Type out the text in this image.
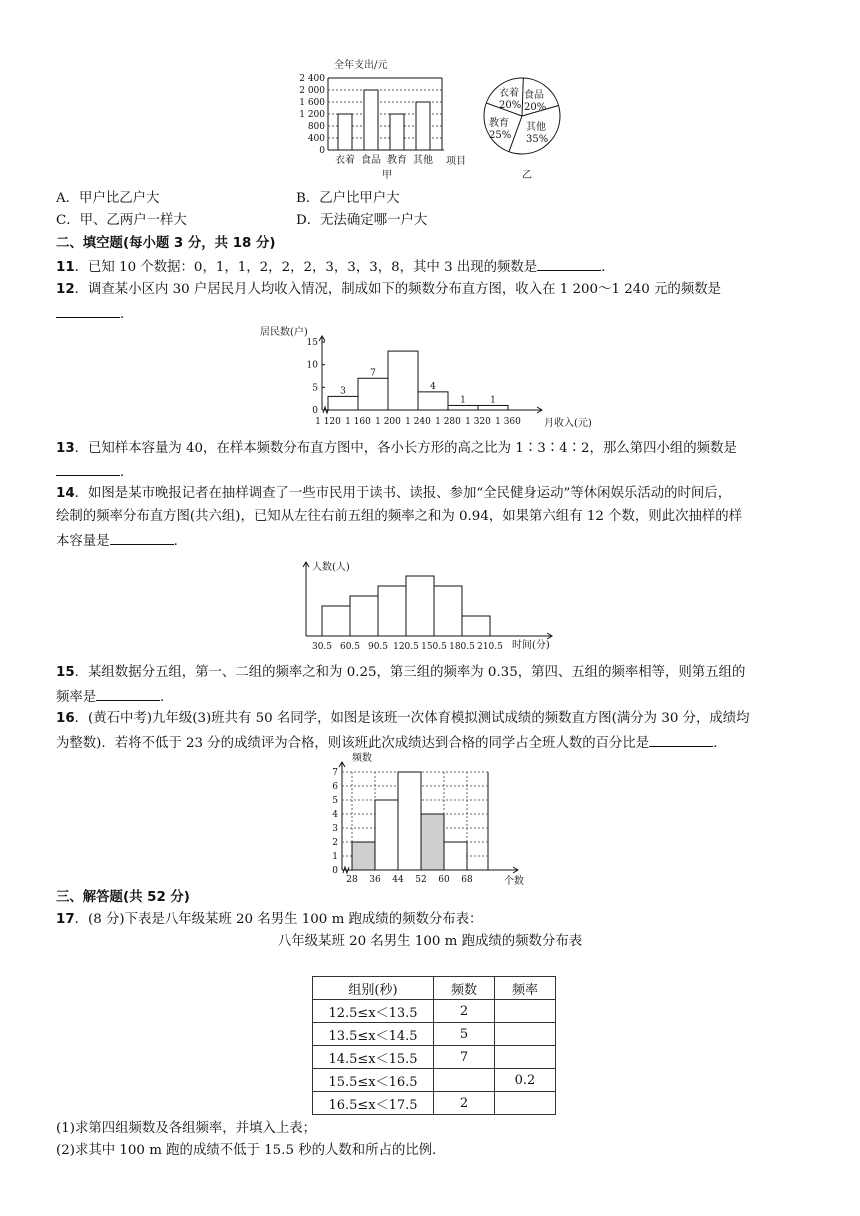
全年支出/元
2 400
2 000
1 600
1 200
800
400
0
衣着 食品 教育 其他 项目
甲
衣着
20%
食品
20%
教育
25%
其他
35%
乙
A．甲户比乙户大	B．乙户比甲户大
C．甲、乙两户一样大	D．无法确定哪一户大
二、填空题(每小题 3 分，共 18 分)
11．已知 10 个数据：0，1，1，2，2，2，3，3，3，8，其中 3 出现的频数是	．
12．调查某小区内 30 户居民月人均收入情况，制成如下的频数分布直方图，收入在 1 200～1 240 元的频数是
．
居民数(户)
15
10
5
0
1 120 1 160 1 200 1 240 1 280 1 320 1 360
3
7
4
1	1
月收入(元)
13．已知样本容量为 40，在样本频数分布直方图中，各小长方形的高之比为 1∶3∶4∶2，那么第四小组的频数是
．
14．如图是某市晚报记者在抽样调查了一些市民用于读书、读报、参加“全民健身运动”等休闲娱乐活动的时间后，
绘制的频率分布直方图(共六组)，已知从左往右前五组的频率之和为 0.94，如果第六组有 12 个数，则此次抽样的样
本容量是	．
人数(人)
30.5 60.5 90.5 120.5 150.5 180.5 210.5 时间(分)
15．某组数据分五组，第一、二组的频率之和为 0.25，第三组的频率为 0.35，第四、五组的频率相等，则第五组的
频率是	．
16．(黄石中考)九年级(3)班共有 50 名同学，如图是该班一次体育模拟测试成绩的频数直方图(满分为 30 分，成绩均
为整数)．若将不低于 23 分的成绩评为合格，则该班此次成绩达到合格的同学占全班人数的百分比是	．
频数
7
6
5
4
3
2
1
0
28 36 44 52 60 68	个数
三、解答题(共 52 分)
17．(8 分)下表是八年级某班 20 名男生 100 m 跑成绩的频数分布表：
八年级某班 20 名男生 100 m 跑成绩的频数分布表
组别(秒)	频数	频率
12.5≤x＜13.5	2	
13.5≤x＜14.5	5	
14.5≤x＜15.5	7	
15.5≤x＜16.5		0.2
16.5≤x＜17.5	2	
(1)求第四组频数及各组频率，并填入上表；
(2)求其中 100 m 跑的成绩不低于 15.5 秒的人数和所占的比例．
